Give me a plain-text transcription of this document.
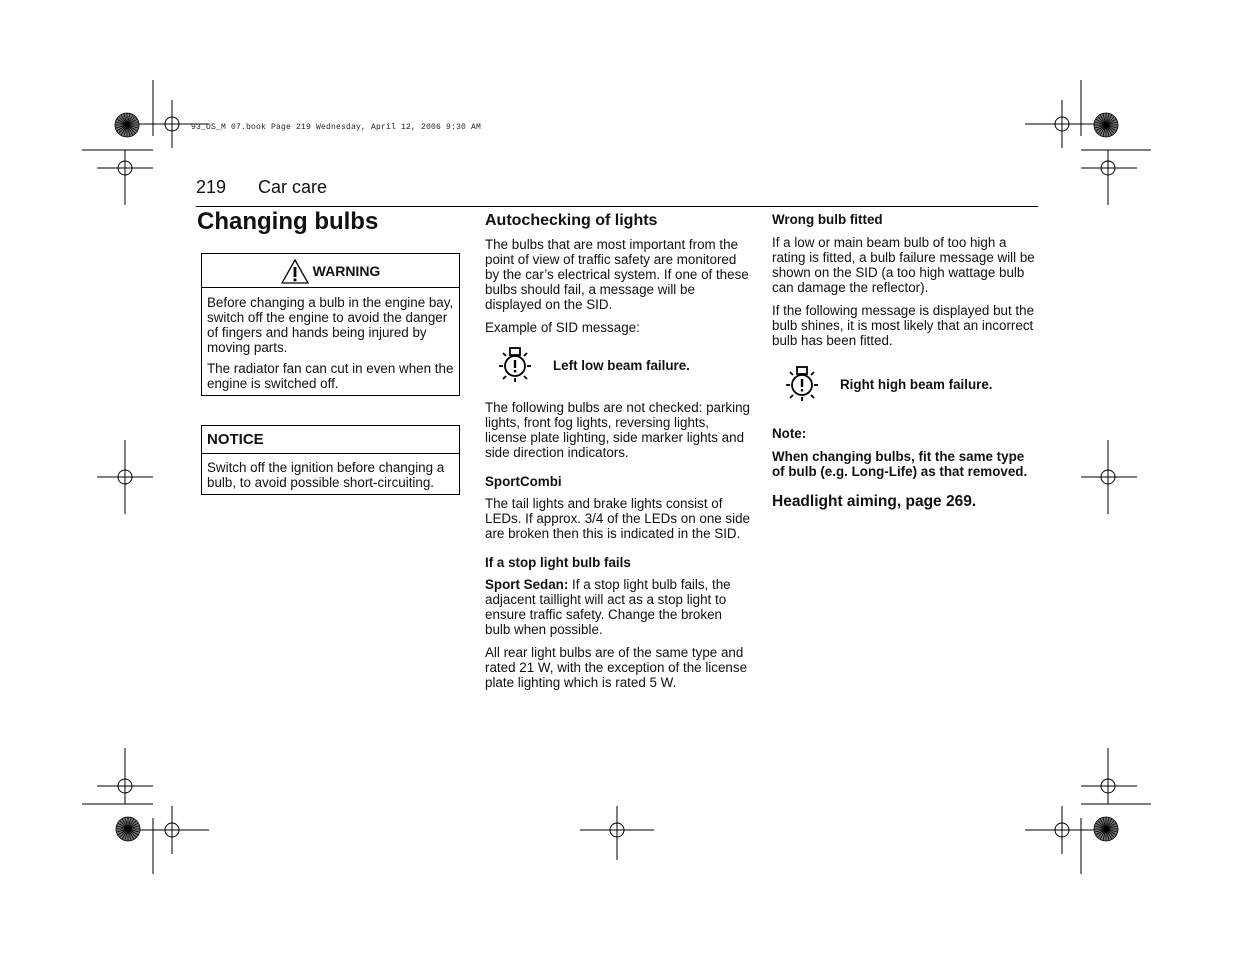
93_US_M 07.book Page 219 Wednesday, April 12, 2006 9:30 AM
219 Car care
Changing bulbs
WARNING

Before changing a bulb in the engine bay, switch off the engine to avoid the danger of fingers and hands being injured by moving parts.

The radiator fan can cut in even when the engine is switched off.

NOTICE

Switch off the ignition before changing a bulb, to avoid possible short-circuiting.

Autochecking of lights

The bulbs that are most important from the point of view of traffic safety are monitored by the car’s electrical system. If one of these bulbs should fail, a message will be displayed on the SID.

Example of SID message:

Left low beam failure.

The following bulbs are not checked: parking lights, front fog lights, reversing lights, license plate lighting, side marker lights and side direction indicators.

SportCombi

The tail lights and brake lights consist of LEDs. If approx. 3/4 of the LEDs on one side are broken then this is indicated in the SID.

If a stop light bulb fails

Sport Sedan: If a stop light bulb fails, the adjacent taillight will act as a stop light to ensure traffic safety. Change the broken bulb when possible.

All rear light bulbs are of the same type and rated 21 W, with the exception of the license plate lighting which is rated 5 W.

Wrong bulb fitted

If a low or main beam bulb of too high a rating is fitted, a bulb failure message will be shown on the SID (a too high wattage bulb can damage the reflector).

If the following message is displayed but the bulb shines, it is most likely that an incorrect bulb has been fitted.

Right high beam failure.
Note:

When changing bulbs, fit the same type of bulb (e.g. Long-Life) as that removed.

Headlight aiming, page 269.
